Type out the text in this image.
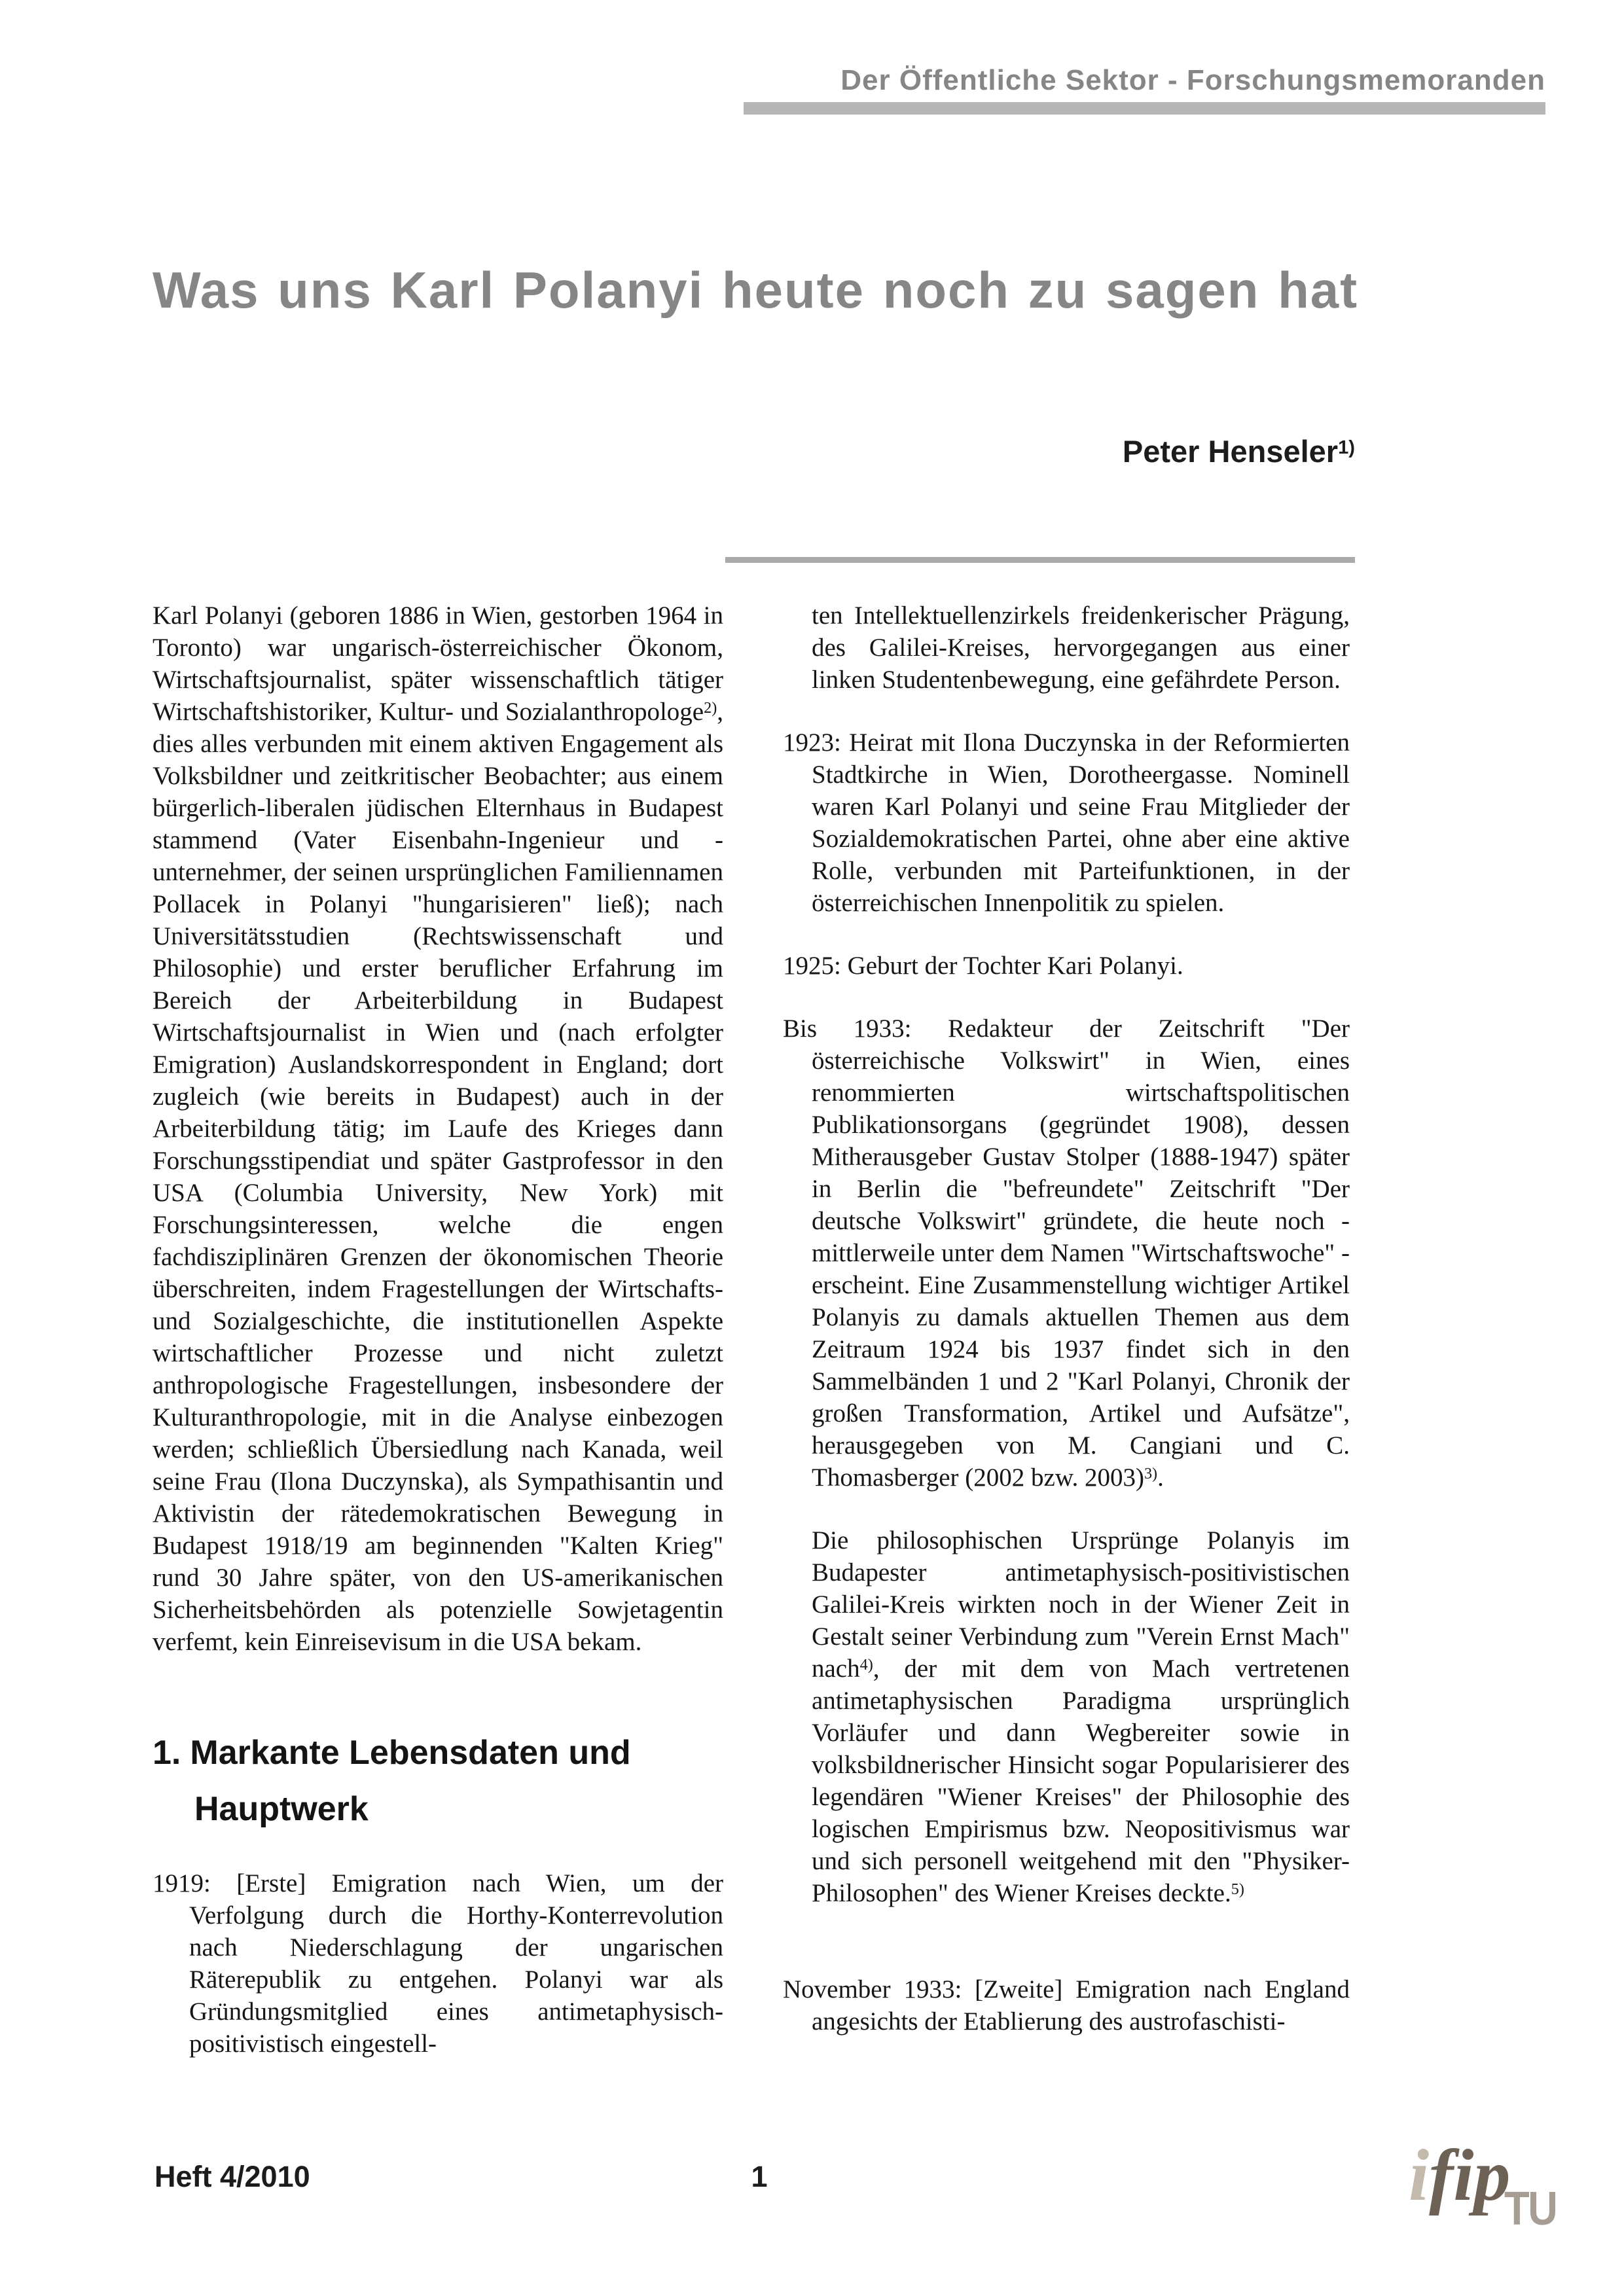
Der Öffentliche Sektor - Forschungsmemoranden
Was uns Karl Polanyi heute noch zu sagen hat
Peter Henseler$^{1)}$

Karl Polanyi (geboren 1886 in Wien, gestorben 1964 in Toronto) war ungarisch-österreichischer Ökonom, Wirtschaftsjournalist, später wissenschaftlich tätiger Wirtschaftshistoriker, Kultur- und Sozialanthropologe$^{2)}$, dies alles verbunden mit einem aktiven Engagement als Volksbildner und zeitkritischer Beobachter; aus einem bürgerlich-liberalen jüdischen Elternhaus in Budapest stammend (Vater Eisenbahn-Ingenieur und -unternehmer, der seinen ursprünglichen Familiennamen Pollacek in Polanyi "hungarisieren" ließ); nach Universitätsstudien (Rechtswissenschaft und Philosophie) und erster beruflicher Erfahrung im Bereich der Arbeiterbildung in Budapest Wirtschaftsjournalist in Wien und (nach erfolgter Emigration) Auslandskorrespondent in England; dort zugleich (wie bereits in Budapest) auch in der Arbeiterbildung tätig; im Laufe des Krieges dann Forschungsstipendiat und später Gastprofessor in den USA (Columbia University, New York) mit Forschungsinteressen, welche die engen fachdisziplinären Grenzen der ökonomischen Theorie überschreiten, indem Fragestellungen der Wirtschafts- und Sozialgeschichte, die institutionellen Aspekte wirtschaftlicher Prozesse und nicht zuletzt anthropologische Fragestellungen, insbesondere der Kulturanthropologie, mit in die Analyse einbezogen werden; schließlich Übersiedlung nach Kanada, weil seine Frau (Ilona Duczynska), als Sympathisantin und Aktivistin der rätedemokratischen Bewegung in Budapest 1918/19 am beginnenden "Kalten Krieg" rund 30 Jahre später, von den US-amerikanischen Sicherheitsbehörden als potenzielle Sowjetagentin verfemt, kein Einreisevisum in die USA bekam.

1. Markante Lebensdaten und Hauptwerk

1919: [Erste] Emigration nach Wien, um der Verfolgung durch die Horthy-Konterrevolution nach Niederschlagung der ungarischen Räterepublik zu entgehen. Polanyi war als Gründungsmitglied eines antimetaphysisch-positivistisch eingestell-

ten Intellektuellenzirkels freidenkerischer Prägung, des Galilei-Kreises, hervorgegangen aus einer linken Studentenbewegung, eine gefährdete Person.

1923: Heirat mit Ilona Duczynska in der Reformierten Stadtkirche in Wien, Dorotheergasse. Nominell waren Karl Polanyi und seine Frau Mitglieder der Sozialdemokratischen Partei, ohne aber eine aktive Rolle, verbunden mit Parteifunktionen, in der österreichischen Innenpolitik zu spielen.

1925: Geburt der Tochter Kari Polanyi.

Bis 1933: Redakteur der Zeitschrift "Der österreichische Volkswirt" in Wien, eines renommierten wirtschaftspolitischen Publikationsorgans (gegründet 1908), dessen Mitherausgeber Gustav Stolper (1888-1947) später in Berlin die "befreundete" Zeitschrift "Der deutsche Volkswirt" gründete, die heute noch - mittlerweile unter dem Namen "Wirtschaftswoche" - erscheint. Eine Zusammenstellung wichtiger Artikel Polanyis zu damals aktuellen Themen aus dem Zeitraum 1924 bis 1937 findet sich in den Sammelbänden 1 und 2 "Karl Polanyi, Chronik der großen Transformation, Artikel und Aufsätze", herausgegeben von M. Cangiani und C. Thomasberger (2002 bzw. 2003)$^{3)}$.

Die philosophischen Ursprünge Polanyis im Budapester antimetaphysisch-positivistischen Galilei-Kreis wirkten noch in der Wiener Zeit in Gestalt seiner Verbindung zum "Verein Ernst Mach" nach$^{4)}$, der mit dem von Mach vertretenen antimetaphysischen Paradigma ursprünglich Vorläufer und dann Wegbereiter sowie in volksbildnerischer Hinsicht sogar Popularisierer des legendären "Wiener Kreises" der Philosophie des logischen Empirismus bzw. Neopositivismus war und sich personell weitgehend mit den "Physiker-Philosophen" des Wiener Kreises deckte.$^{5)}$

November 1933: [Zweite] Emigration nach England angesichts der Etablierung des austrofaschisti-

Heft 4/2010	1	ifip
TU
